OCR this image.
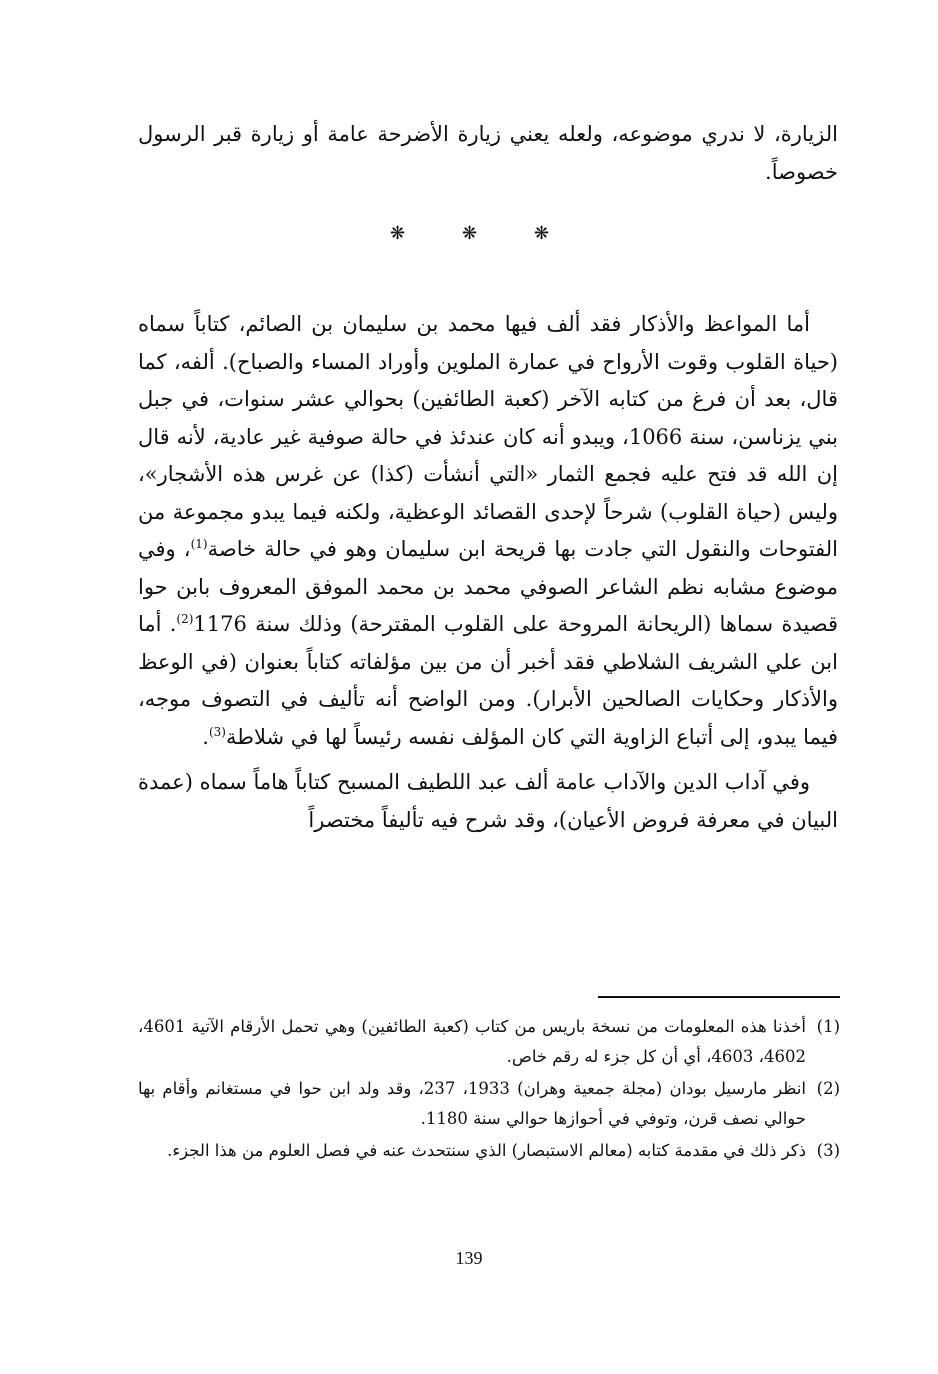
الزيارة، لا ندري موضوعه، ولعله يعني زيارة الأضرحة عامة أو زيارة قبر الرسول خصوصاً.

❋	❋	❋

أما المواعظ والأذكار فقد ألف فيها محمد بن سليمان بن الصائم، كتاباً سماه (حياة القلوب وقوت الأرواح في عمارة الملوين وأوراد المساء والصباح). ألفه، كما قال، بعد أن فرغ من كتابه الآخر (كعبة الطائفين) بحوالي عشر سنوات، في جبل بني يزناسن، سنة 1066، ويبدو أنه كان عندئذ في حالة صوفية غير عادية، لأنه قال إن الله قد فتح عليه فجمع الثمار «التي أنشأت (كذا) عن غرس هذه الأشجار»، وليس (حياة القلوب) شرحاً لإحدى القصائد الوعظية، ولكنه فيما يبدو مجموعة من الفتوحات والنقول التي جادت بها قريحة ابن سليمان وهو في حالة خاصة$^{(1)}$، وفي موضوع مشابه نظم الشاعر الصوفي محمد بن محمد الموفق المعروف بابن حوا قصيدة سماها (الريحانة المروحة على القلوب المقترحة) وذلك سنة 1176$^{(2)}$. أما ابن علي الشريف الشلاطي فقد أخبر أن من بين مؤلفاته كتاباً بعنوان (في الوعظ والأذكار وحكايات الصالحين الأبرار). ومن الواضح أنه تأليف في التصوف موجه، فيما يبدو، إلى أتباع الزاوية التي كان المؤلف نفسه رئيساً لها في شلاطة$^{(3)}$.

وفي آداب الدين والآداب عامة ألف عبد اللطيف المسبح كتاباً هاماً سماه (عمدة البيان في معرفة فروض الأعيان)، وقد شرح فيه تأليفاً مختصراً

(1)
أخذنا هذه المعلومات من نسخة باريس من كتاب (كعبة الطائفين) وهي تحمل الأرقام الآتية 4601، 4602، 4603، أي أن كل جزء له رقم خاص.
(2)
انظر مارسيل بودان (مجلة جمعية وهران) 1933، 237، وقد ولد ابن حوا في مستغانم وأقام بها حوالي نصف قرن، وتوفي في أحوازها حوالي سنة 1180.
(3)
ذكر ذلك في مقدمة كتابه (معالم الاستبصار) الذي سنتحدث عنه في فصل العلوم من هذا الجزء.
139
